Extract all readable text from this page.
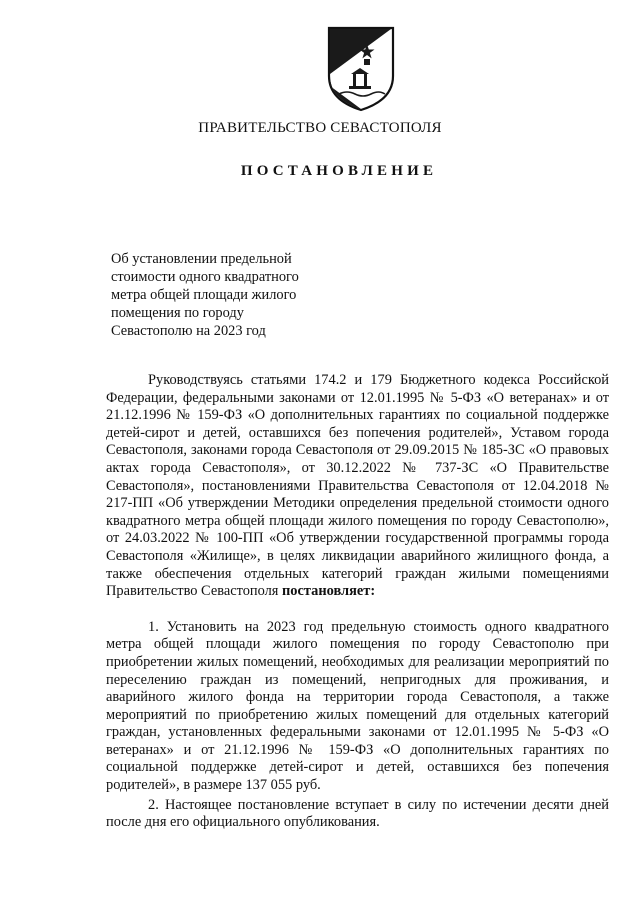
ПРАВИТЕЛЬСТВО СЕВАСТОПОЛЯ
ПОСТАНОВЛЕНИЕ
Об установлении предельной
стоимости одного квадратного
метра общей площади жилого
помещения по городу
Севастополю на 2023 год

Руководствуясь статьями 174.2 и 179 Бюджетного кодекса Российской Федерации, федеральными законами от 12.01.1995 № 5-ФЗ «О ветеранах» и от 21.12.1996 № 159-ФЗ «О дополнительных гарантиях по социальной поддержке детей-сирот и детей, оставшихся без попечения родителей», Уставом города Севастополя, законами города Севастополя от 29.09.2015 № 185-ЗС «О правовых актах города Севастополя», от 30.12.2022 № 737-ЗС «О Правительстве Севастополя», постановлениями Правительства Севастополя от 12.04.2018 № 217-ПП «Об утверждении Методики определения предельной стоимости одного квадратного метра общей площади жилого помещения по городу Севастополю», от 24.03.2022 № 100-ПП «Об утверждении государственной программы города Севастополя «Жилище», в целях ликвидации аварийного жилищного фонда, а также обеспечения отдельных категорий граждан жилыми помещениями Правительство Севастополя постановляет:

1. Установить на 2023 год предельную стоимость одного квадратного метра общей площади жилого помещения по городу Севастополю при приобретении жилых помещений, необходимых для реализации мероприятий по переселению граждан из помещений, непригодных для проживания, и аварийного жилого фонда на территории города Севастополя, а также мероприятий по приобретению жилых помещений для отдельных категорий граждан, установленных федеральными законами от 12.01.1995 № 5-ФЗ «О ветеранах» и от 21.12.1996 № 159-ФЗ «О дополнительных гарантиях по социальной поддержке детей-сирот и детей, оставшихся без попечения родителей», в размере 137 055 руб.

2. Настоящее постановление вступает в силу по истечении десяти дней после дня его официального опубликования.
